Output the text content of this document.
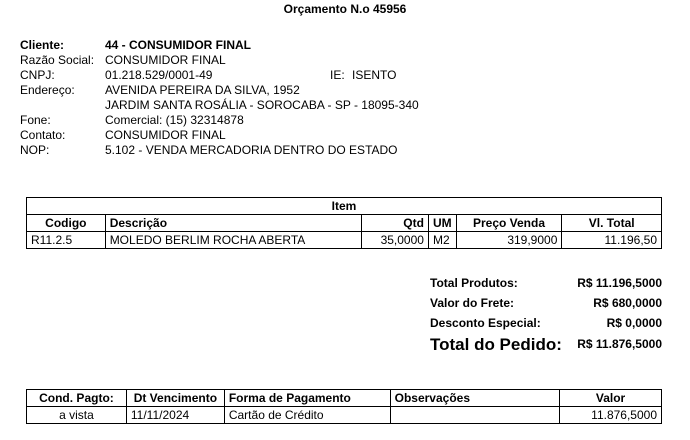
Orçamento N.o 45956
Cliente:	44 - CONSUMIDOR FINAL
Razão Social: CONSUMIDOR FINAL
CNPJ:	01.218.529/0001-49	IE: ISENTO
Endereço:	AVENIDA PEREIRA DA SILVA, 1952
JARDIM SANTA ROSÁLIA - SOROCABA - SP - 18095-340
Fone:	Comercial: (15) 32314878
Contato:	CONSUMIDOR FINAL
NOP:	5.102 - VENDA MERCADORIA DENTRO DO ESTADO
Item					
Codigo	Descrição	Qtd	UM	Preço Venda	Vl. Total
R11.2.5	MOLEDO BERLIM ROCHA ABERTA	35,0000	M2	319,9000	11.196,50
Total Produtos:	R$ 11.196,5000
Valor do Frete:	R$ 680,0000
Desconto Especial:	R$ 0,0000
Total do Pedido: R$ 11.876,5000
Cond. Pagto:	Dt Vencimento	Forma de Pagamento	Observações	Valor
a vista	11/11/2024	Cartão de Crédito		11.876,5000
